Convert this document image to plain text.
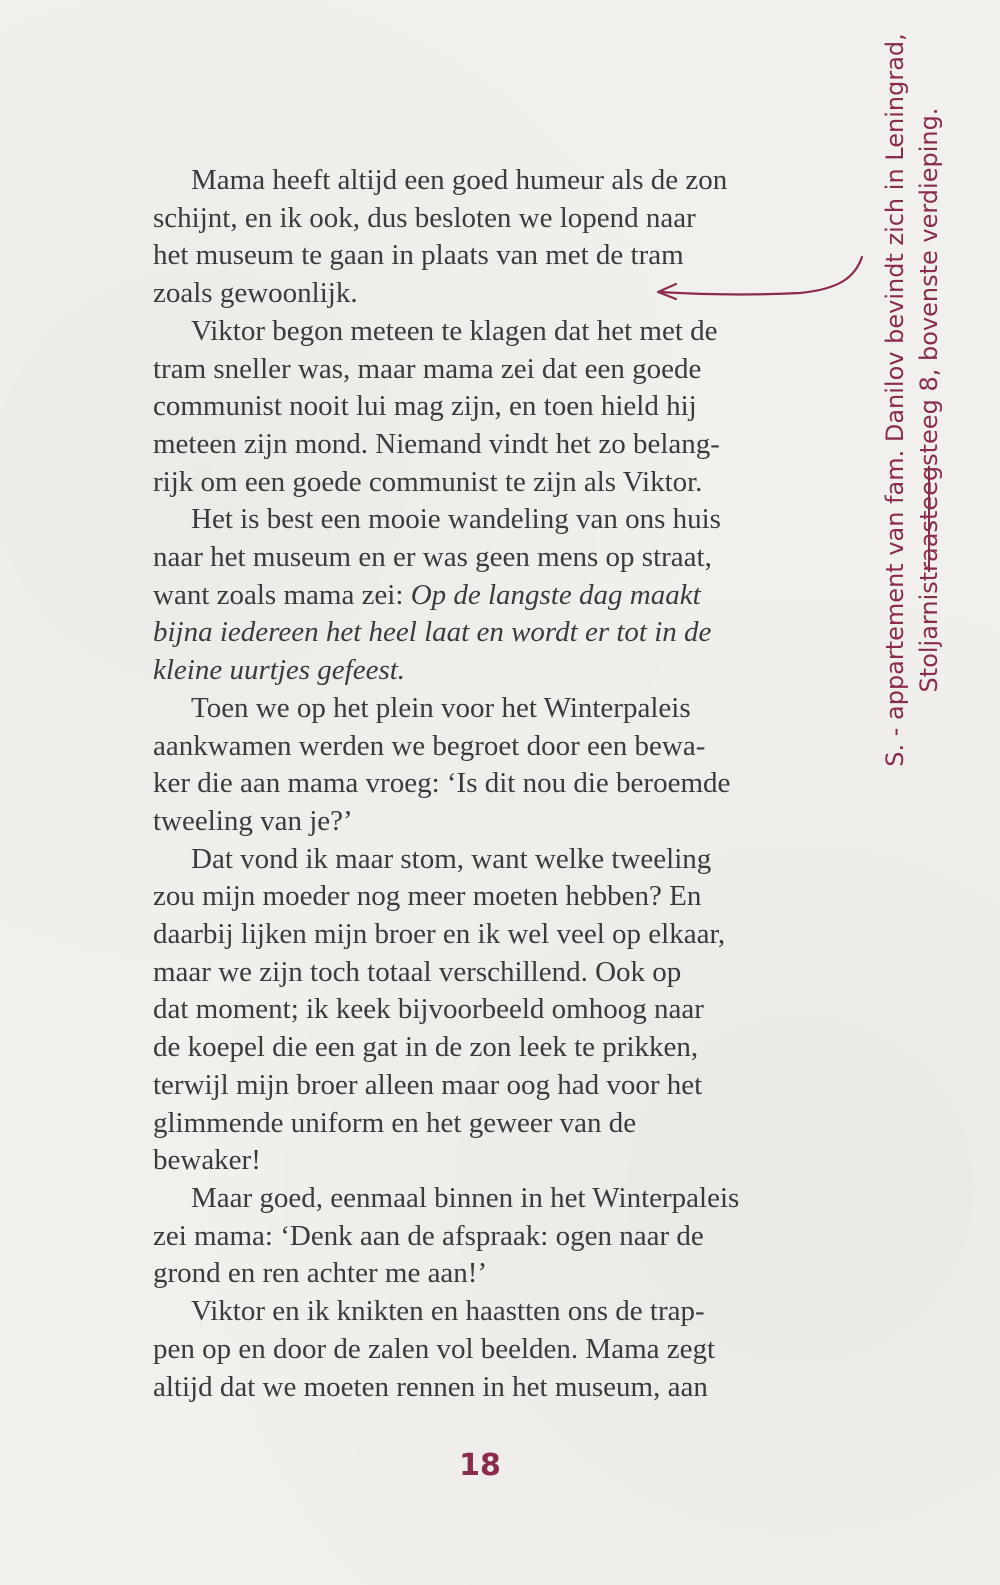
Mama heeft altijd een goed humeur als de zon
schijnt, en ik ook, dus besloten we lopend naar
het museum te gaan in plaats van met de tram
zoals gewoonlijk.

Viktor begon meteen te klagen dat het met de
tram sneller was, maar mama zei dat een goede
communist nooit lui mag zijn, en toen hield hij
meteen zijn mond. Niemand vindt het zo belang-
rijk om een goede communist te zijn als Viktor.

Het is best een mooie wandeling van ons huis
naar het museum en er was geen mens op straat,
want zoals mama zei: Op de langste dag maakt
bijna iedereen het heel laat en wordt er tot in de
kleine uurtjes gefeest.

Toen we op het plein voor het Winterpaleis
aankwamen werden we begroet door een bewa-
ker die aan mama vroeg: ‘Is dit nou die beroemde
tweeling van je?’

Dat vond ik maar stom, want welke tweeling
zou mijn moeder nog meer moeten hebben? En
daarbij lijken mijn broer en ik wel veel op elkaar,
maar we zijn toch totaal verschillend. Ook op
dat moment; ik keek bijvoorbeeld omhoog naar
de koepel die een gat in de zon leek te prikken,
terwijl mijn broer alleen maar oog had voor het
glimmende uniform en het geweer van de
bewaker!

Maar goed, eenmaal binnen in het Winterpaleis
zei mama: ‘Denk aan de afspraak: ogen naar de
grond en ren achter me aan!’

Viktor en ik knikten en haastten ons de trap-
pen op en door de zalen vol beelden. Mama zegt
altijd dat we moeten rennen in het museum, aan

S. - appartement van fam. Danilov bevindt zich in Leningrad, Stoljarnistraasteegsteeg 8, bovenste verdieping.
18
